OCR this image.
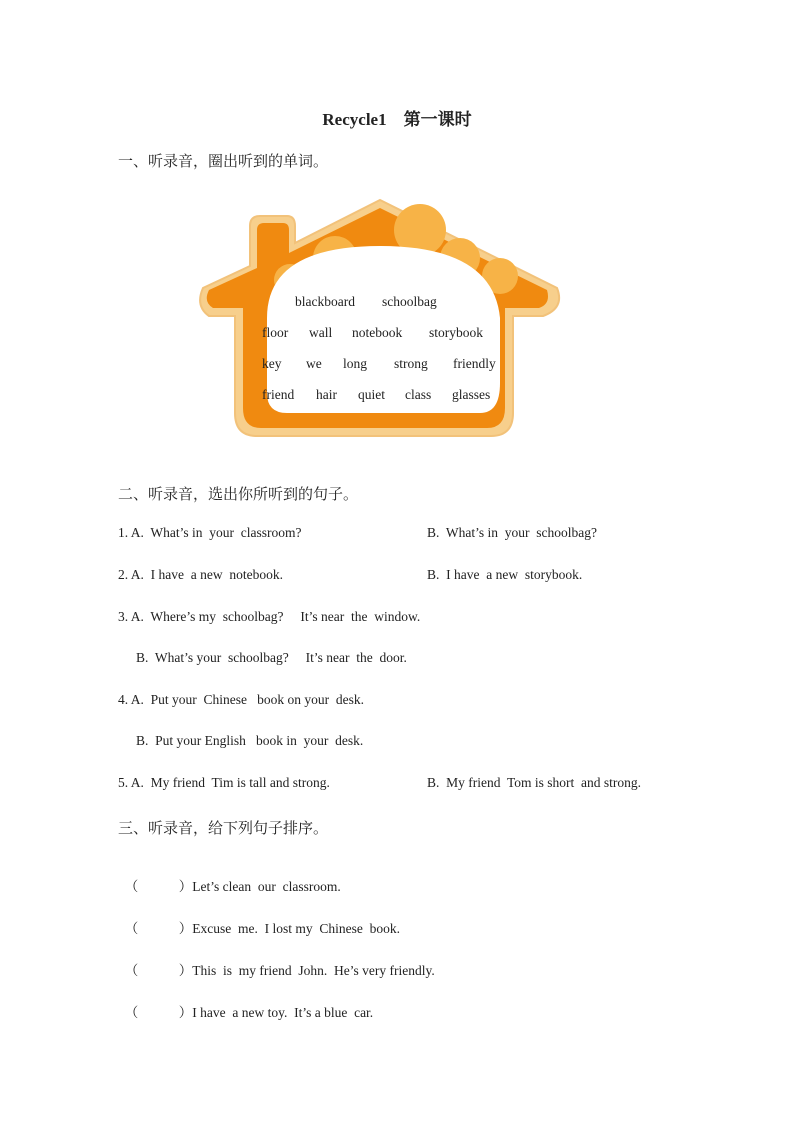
Recycle1　第一课时
一、听录音，圈出听到的单词。
blackboard schoolbag
floor wall notebook storybook
key we long strong friendly
friend hair quiet class glasses
二、听录音，选出你所听到的句子。
1. A.  What’s in  your  classroom?	B.  What’s in  your  schoolbag?
2. A.  I have  a new  notebook.	B.  I have  a new  storybook.
3. A.  Where’s my  schoolbag?     It’s near  the  window.
B.  What’s your  schoolbag?     It’s near  the  door.
4. A.  Put your  Chinese   book on your  desk.
B.  Put your English   book in  your  desk.
5. A.  My friend  Tim is tall and strong.	B.  My friend  Tom is short  and strong.
三、听录音，给下列句子排序。

（　　　）Let’s clean  our  classroom.

（　　　）Excuse  me.  I lost my  Chinese  book.

（　　　）This  is  my friend  John.  He’s very friendly.

（　　　）I have  a new toy.  It’s a blue  car.
